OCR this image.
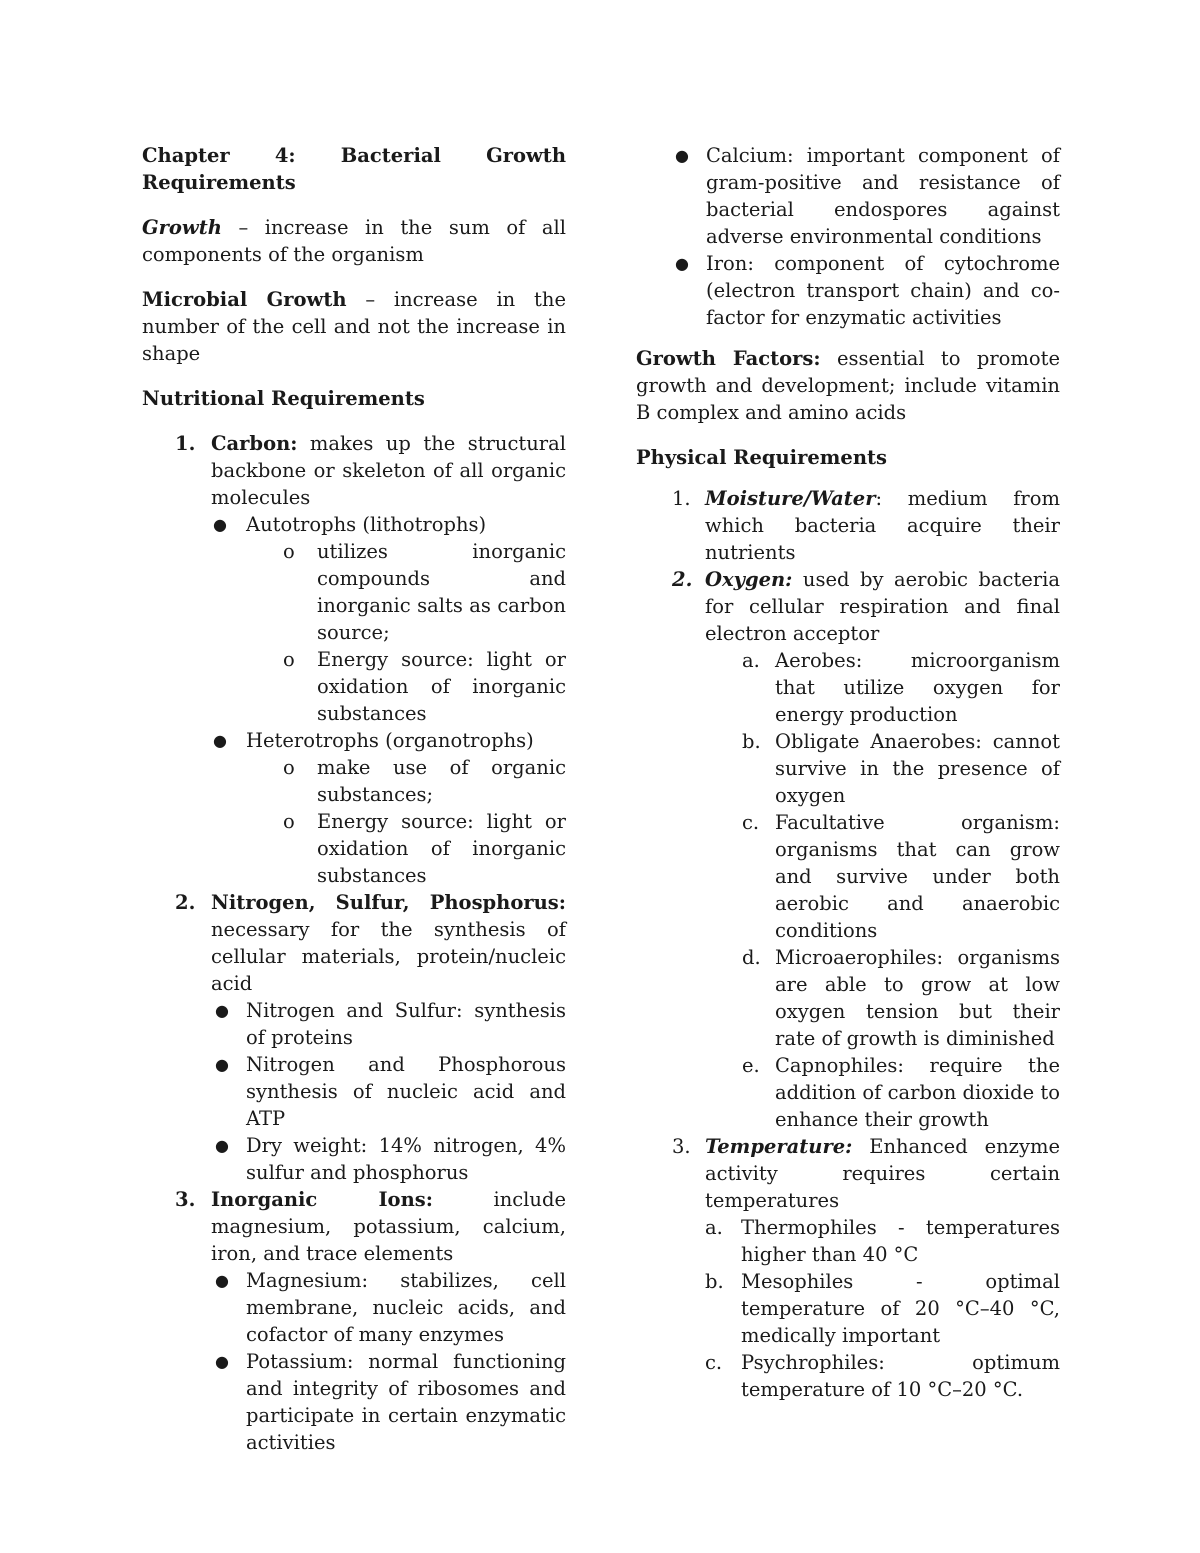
Chapter 4: Bacterial Growth Requirements

Growth – increase in the sum of all components of the organism

Microbial Growth – increase in the number of the cell and not the increase in shape

Nutritional Requirements

1. Carbon: makes up the structural backbone or skeleton of all organic molecules
● Autotrophs (lithotrophs)
o utilizes inorganic compounds and inorganic salts as carbon source;
o Energy source: light or oxidation of inorganic substances
● Heterotrophs (organotrophs)
o make use of organic substances;
o Energy source: light or oxidation of inorganic substances
2. Nitrogen, Sulfur, Phosphorus: necessary for the synthesis of cellular materials, protein/nucleic acid
● Nitrogen and Sulfur: synthesis of proteins
● Nitrogen and Phosphorous synthesis of nucleic acid and ATP
● Dry weight: 14% nitrogen, 4% sulfur and phosphorus
3. Inorganic Ions: include magnesium, potassium, calcium, iron, and trace elements
● Magnesium: stabilizes, cell membrane, nucleic acids, and cofactor of many enzymes
● Potassium: normal functioning and integrity of ribosomes and participate in certain enzymatic activities
● Calcium: important component of gram-positive and resistance of bacterial endospores against adverse environmental conditions
● Iron: component of cytochrome (electron transport chain) and co-factor for enzymatic activities

Growth Factors: essential to promote growth and development; include vitamin B complex and amino acids

Physical Requirements

1. Moisture/Water: medium from which bacteria acquire their nutrients
2. Oxygen: used by aerobic bacteria for cellular respiration and final electron acceptor
a. Aerobes: microorganism that utilize oxygen for energy production
b. Obligate Anaerobes: cannot survive in the presence of oxygen
c. Facultative organism: organisms that can grow and survive under both aerobic and anaerobic conditions
d. Microaerophiles: organisms are able to grow at low oxygen tension but their rate of growth is diminished
e. Capnophiles: require the addition of carbon dioxide to enhance their growth
3. Temperature: Enhanced enzyme activity requires certain temperatures
a. Thermophiles - temperatures higher than 40 °C
b. Mesophiles - optimal temperature of 20 °C–40 °C, medically important
c. Psychrophiles: optimum temperature of 10 °C–20 °C.
